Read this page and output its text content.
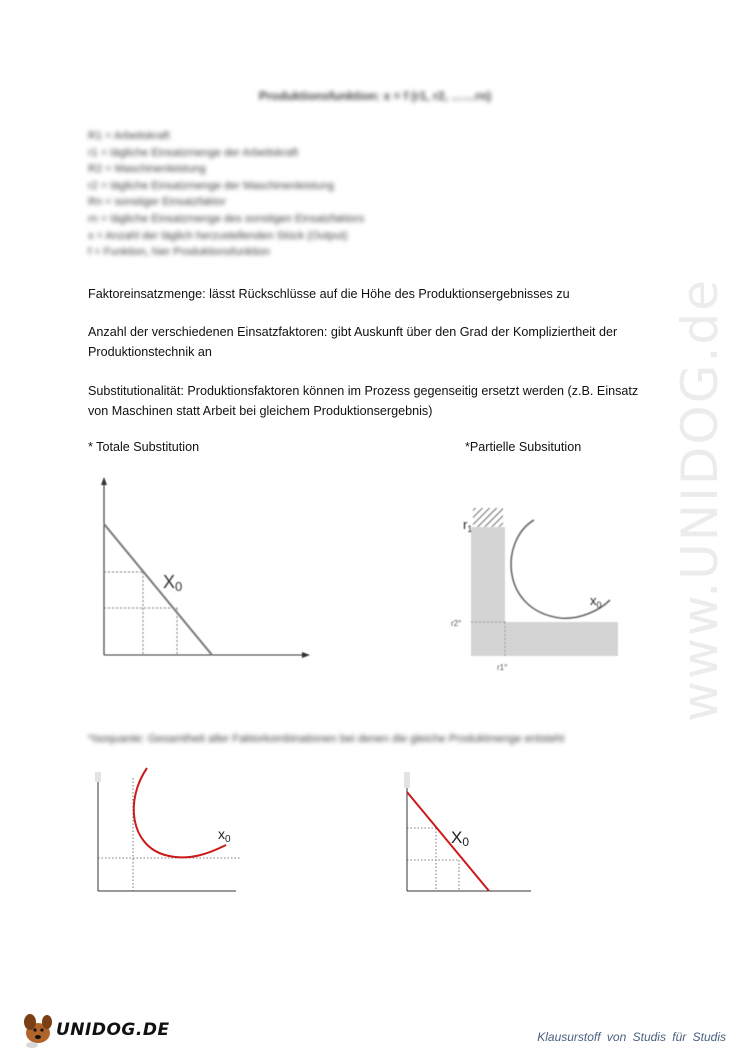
www.UNIDOG.de
Produktionsfunktion: x = f (r1, r2, ……rn)
R1 = Arbeitskraft
r1 = tägliche Einsatzmenge der Arbeitskraft
R2 = Maschinenleistung
r2 = tägliche Einsatzmenge der Maschinenleistung
Rn = sonstiger Einsatzfaktor
rn = tägliche Einsatzmenge des sonstigen Einsatzfaktors
x = Anzahl der täglich herzustellenden Stück (Output)
f = Funktion, hier Produktionsfunktion
Faktoreinsatzmenge: lässt Rückschlüsse auf die Höhe des Produktionsergebnisses zu
Anzahl der verschiedenen Einsatzfaktoren: gibt Auskunft über den Grad der Kompliziertheit der Produktionstechnik an
Substitutionalität: Produktionsfaktoren können im Prozess gegenseitig ersetzt werden (z.B. Einsatz von Maschinen statt Arbeit bei gleichem Produktionsergebnis)
* Totale Substitution	*Partielle Subsitution
*Isoquante: Gesamtheit aller Faktorkombinationen bei denen die gleiche Produktmenge entsteht
X0
$r_1$
$x_0$
r2°
r1°
$x_0$	X0
UNIDOG.DE	Klausurstoff von Studis für Studis
